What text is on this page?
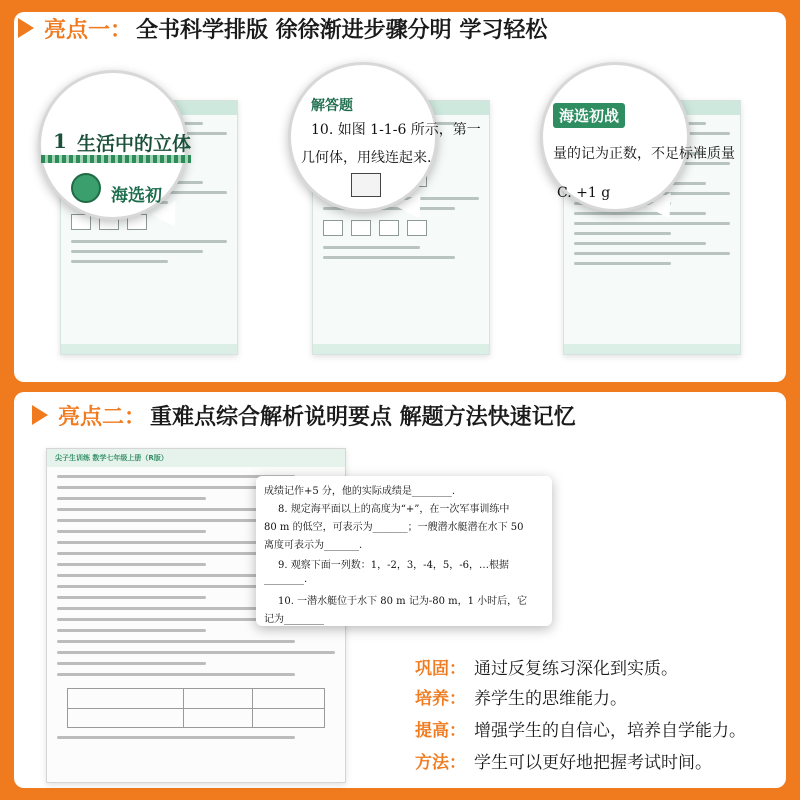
亮点一： 全书科学排版 徐徐渐进步骤分明 学习轻松
1 生活中的立体
海选初
解答题
10. 如图 1-1-6 所示，第一
几何体，用线连起来.
海选初战
量的记为正数，不足标准质量
C. +1 g
亮点二： 重难点综合解析说明要点 解题方法快速记忆
尖子生训练 数学七年级上册（R版）
成绩记作+5 分，他的实际成绩是________.
8. 规定海平面以上的高度为“+”，在一次军事训练中
80 m 的低空，可表示为_______；一艘潜水艇潜在水下 50
离度可表示为_______.
9. 观察下面一列数：1，-2，3，-4，5，-6，…根据
________.
10. 一潜水艇位于水下 80 m 记为-80 m，1 小时后，它
记为________
巩固： 通过反复练习深化到实质。
培养： 养学生的思维能力。
提高： 增强学生的自信心，培养自学能力。
方法： 学生可以更好地把握考试时间。
